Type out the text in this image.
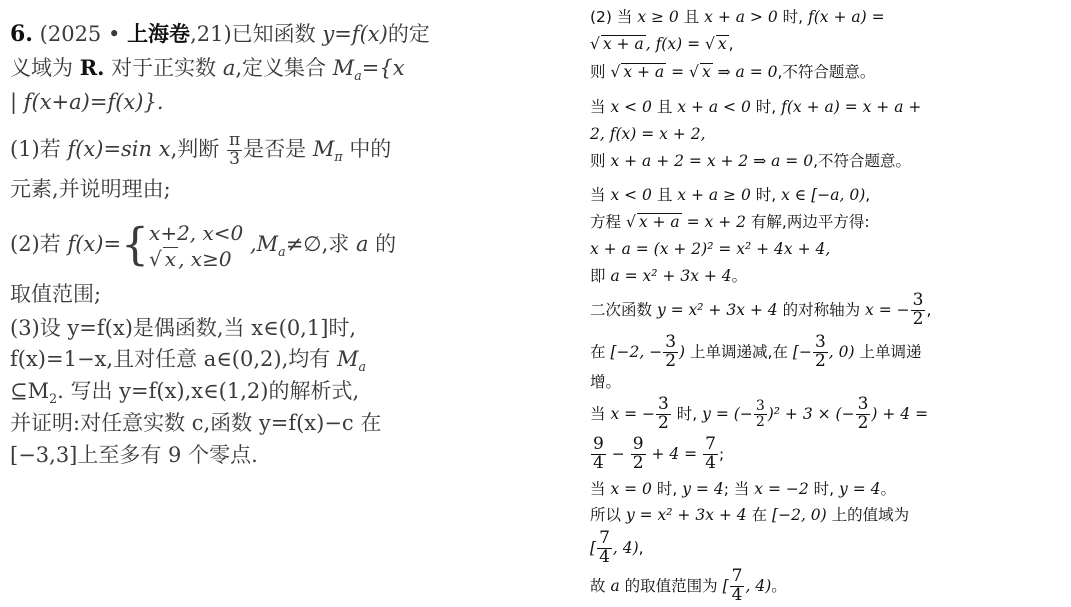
6. (2025 • 上海卷,21)已知函数 y=f(x)的定
义域为 R. 对于正实数 a,定义集合 $M_a=\{x$
| f(x+a)=f(x)}.
(1)若 f(x)=sin x,判断 $\frac{\pi}{3}$ 是否是 $M_\pi$ 中的
元素,并说明理由;
(2)若 f(x)={ x+2, x<0
√ x , x≥0
$,M_a\ne\emptyset$,求 a 的
取值范围;
(3)设 y=f(x)是偶函数,当 x∈(0,1]时,
f(x)=1−x,且对任意 a∈(0,2),均有 $M_a$
$⊆M_2$. 写出 y=f(x),x∈(1,2)的解析式,
并证明:对任意实数 c,函数 y=f(x)−c 在
[−3,3]上至多有 9 个零点.
(2) 当 x ≥ 0 且 x + a > 0 时, f(x + a) =
√ x + a , f(x) = √ x ,
则 √ x + a = √ x ⇒ a = 0,不符合题意。
当 x < 0 且 x + a < 0 时, f(x + a) = x + a +
2, f(x) = x + 2,
则 x + a + 2 = x + 2 ⇒ a = 0,不符合题意。
当 x < 0 且 x + a ≥ 0 时, x ∈ [−a, 0),
方程 √ x + a = x + 2 有解,两边平方得:
x + a = (x + 2)² = x² + 4x + 4,
即 a = x² + 3x + 4。
二次函数 y = x² + 3x + 4 的对称轴为 x = − $\frac{3}{2}$ ,
在 [−2, − $\frac{3}{2}$ ) 上单调递减,在 [− $\frac{3}{2}$ , 0) 上单调递
增。
当 x = − $\frac{3}{2}$ 时, y = (− $\frac{3}{2} )^2 + 3$ × (− $\frac{3}{2}$ ) + 4 =
$\frac{9}{4} - \frac{9}{2} + 4 = \frac{7}{4}$ ;
当 x = 0 时, y = 4; 当 x = −2 时, y = 4。
所以 y = x² + 3x + 4 在 [−2, 0) 上的值域为
[ $\frac{7}{4}$ , 4),
故 a 的取值范围为 [ $\frac{7}{4}$ , 4)。
